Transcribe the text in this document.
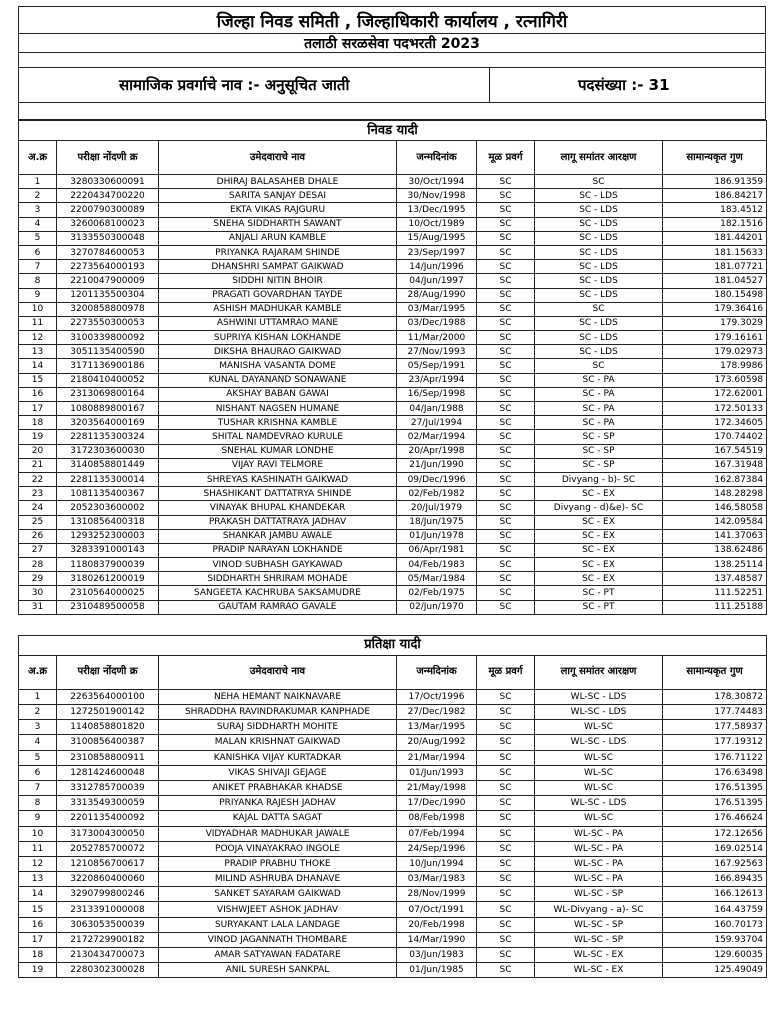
जिल्हा निवड समिती , जिल्हाधिकारी कार्यालय , रत्नागिरी
तलाठी सरळसेवा पदभरती 2023
सामाजिक प्रवर्गाचे नाव :- अनुसूचित जाती	पदसंख्या :- 31
निवड यादी						
अ.क्र	परीक्षा नोंदणी क्र	उमेदवाराचे नाव	जन्मदिनांक	मूळ प्रवर्ग	लागू समांतर आरक्षण	सामान्यकृत गुण
1	3280330600091	DHIRAJ BALASAHEB DHALE	30/Oct/1994	SC	SC	186.91359
2	2220434700220	SARITA SANJAY DESAI	30/Nov/1998	SC	SC - LDS	186.84217
3	2200790300089	EKTA VIKAS RAJGURU	13/Dec/1995	SC	SC - LDS	183.4512
4	3260068100023	SNEHA SIDDHARTH SAWANT	10/Oct/1989	SC	SC - LDS	182.1516
5	3133550300048	ANJALI ARUN KAMBLE	15/Aug/1995	SC	SC - LDS	181.44201
6	3270784600053	PRIYANKA RAJARAM SHINDE	23/Sep/1997	SC	SC - LDS	181.15633
7	2273564000193	DHANSHRI SAMPAT GAIKWAD	14/Jun/1996	SC	SC - LDS	181.07721
8	2210047900009	SIDDHI NITIN BHOIR	04/Jun/1997	SC	SC - LDS	181.04527
9	1201135500304	PRAGATI GOVARDHAN TAYDE	28/Aug/1990	SC	SC - LDS	180.15498
10	3200858800978	ASHISH MADHUKAR KAMBLE	03/Mar/1995	SC	SC	179.36416
11	2273550300053	ASHWINI UTTAMRAO MANE	03/Dec/1988	SC	SC - LDS	179.3029
12	3100339800092	SUPRIYA KISHAN LOKHANDE	11/Mar/2000	SC	SC - LDS	179.16161
13	3051135400590	DIKSHA BHAURAO GAIKWAD	27/Nov/1993	SC	SC - LDS	179.02973
14	3171136900186	MANISHA VASANTA DOME	05/Sep/1991	SC	SC	178.9986
15	2180410400052	KUNAL DAYANAND SONAWANE	23/Apr/1994	SC	SC - PA	173.60598
16	2313069800164	AKSHAY BABAN GAWAI	16/Sep/1998	SC	SC - PA	172.62001
17	1080889800167	NISHANT NAGSEN HUMANE	04/Jan/1988	SC	SC - PA	172.50133
18	3203564000169	TUSHAR KRISHNA KAMBLE	27/Jul/1994	SC	SC - PA	172.34605
19	2281135300324	SHITAL NAMDEVRAO KURULE	02/Mar/1994	SC	SC - SP	170.74402
20	3172303600030	SNEHAL KUMAR LONDHE	20/Apr/1998	SC	SC - SP	167.54519
21	3140858801449	VIJAY RAVI TELMORE	21/Jun/1990	SC	SC - SP	167.31948
22	2281135300014	SHREYAS KASHINATH GAIKWAD	09/Dec/1996	SC	Divyang - b)- SC	162.87384
23	1081135400367	SHASHIKANT DATTATRYA SHINDE	02/Feb/1982	SC	SC - EX	148.28298
24	2052303600002	VINAYAK BHUPAL KHANDEKAR	20/Jul/1979	SC	Divyang - d)&e)- SC	146.58058
25	1310856400318	PRAKASH DATTATRAYA JADHAV	18/Jun/1975	SC	SC - EX	142.09584
26	1293252300003	SHANKAR JAMBU AWALE	01/Jun/1978	SC	SC - EX	141.37063
27	3283391000143	PRADIP NARAYAN LOKHANDE	06/Apr/1981	SC	SC - EX	138.62486
28	1180837900039	VINOD SUBHASH GAYKAWAD	04/Feb/1983	SC	SC - EX	138.25114
29	3180261200019	SIDDHARTH SHRIRAM MOHADE	05/Mar/1984	SC	SC - EX	137.48587
30	2310564000025	SANGEETA KACHRUBA SAKSAMUDRE	02/Feb/1975	SC	SC - PT	111.52251
31	2310489500058	GAUTAM RAMRAO GAVALE	02/Jun/1970	SC	SC - PT	111.25188
प्रतिक्षा यादी						
अ.क्र	परीक्षा नोंदणी क्र	उमेदवाराचे नाव	जन्मदिनांक	मूळ प्रवर्ग	लागू समांतर आरक्षण	सामान्यकृत गुण
1	2263564000100	NEHA HEMANT NAIKNAVARE	17/Oct/1996	SC	WL-SC - LDS	178.30872
2	1272501900142	SHRADDHA RAVINDRAKUMAR KANPHADE	27/Dec/1982	SC	WL-SC - LDS	177.74483
3	1140858801820	SURAJ SIDDHARTH MOHITE	13/Mar/1995	SC	WL-SC	177.58937
4	3100856400387	MALAN KRISHNAT GAIKWAD	20/Aug/1992	SC	WL-SC - LDS	177.19312
5	2310858800911	KANISHKA VIJAY KURTADKAR	21/Mar/1994	SC	WL-SC	176.71122
6	1281424600048	VIKAS SHIVAJI GEJAGE	01/Jun/1993	SC	WL-SC	176.63498
7	3312785700039	ANIKET PRABHAKAR KHADSE	21/May/1998	SC	WL-SC	176.51395
8	3313549300059	PRIYANKA RAJESH JADHAV	17/Dec/1990	SC	WL-SC - LDS	176.51395
9	2201135400092	KAJAL DATTA SAGAT	08/Feb/1998	SC	WL-SC	176.46624
10	3173004300050	VIDYADHAR MADHUKAR JAWALE	07/Feb/1994	SC	WL-SC - PA	172.12656
11	2052785700072	POOJA VINAYAKRAO INGOLE	24/Sep/1996	SC	WL-SC - PA	169.02514
12	1210856700617	PRADIP PRABHU THOKE	10/Jun/1994	SC	WL-SC - PA	167.92563
13	3220860400060	MILIND ASHRUBA DHANAVE	03/Mar/1983	SC	WL-SC - PA	166.89435
14	3290799800246	SANKET SAYARAM GAIKWAD	28/Nov/1999	SC	WL-SC - SP	166.12613
15	2313391000008	VISHWJEET ASHOK JADHAV	07/Oct/1991	SC	WL-Divyang - a)- SC	164.43759
16	3063053500039	SURYAKANT LALA LANDAGE	20/Feb/1998	SC	WL-SC - SP	160.70173
17	2172729900182	VINOD JAGANNATH THOMBARE	14/Mar/1990	SC	WL-SC - SP	159.93704
18	2130434700073	AMAR SATYAWAN FADATARE	03/Jun/1983	SC	WL-SC - EX	129.60035
19	2280302300028	ANIL SURESH SANKPAL	01/Jun/1985	SC	WL-SC - EX	125.49049
